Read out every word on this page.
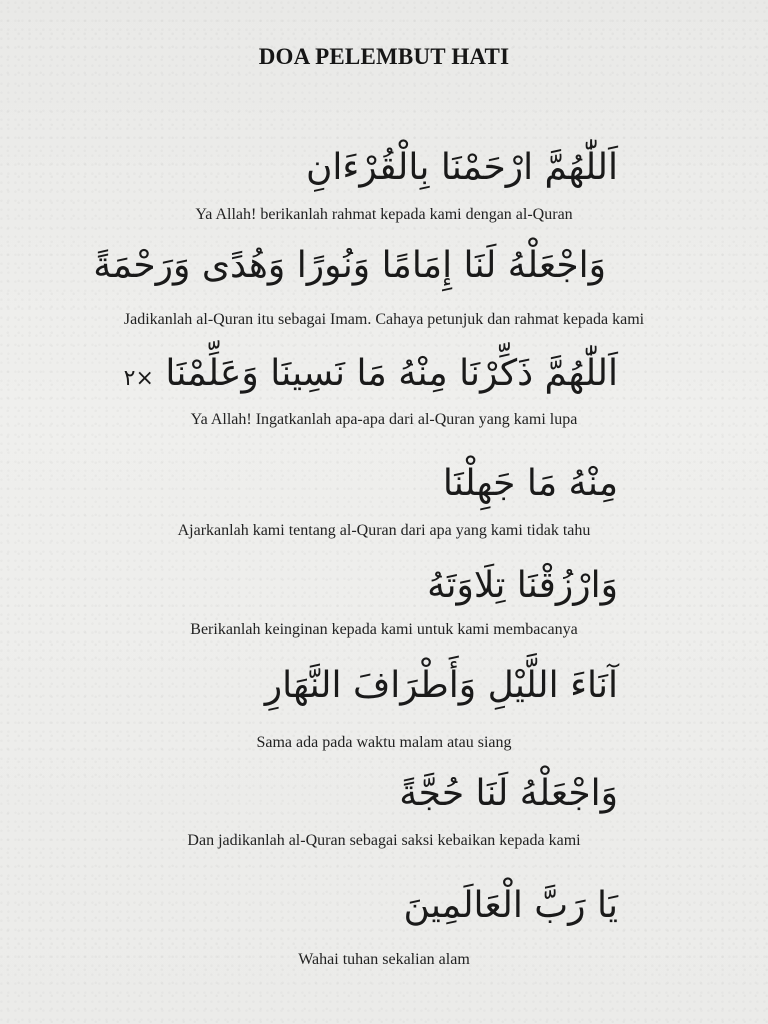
DOA PELEMBUT HATI
اَللّٰهُمَّ ارْحَمْنَا بِالْقُرْءَانِ
Ya Allah! berikanlah rahmat kepada kami dengan al-Quran
وَاجْعَلْهُ لَنَا إِمَامًا وَنُورًا وَهُدًى وَرَحْمَةً
Jadikanlah al-Quran itu sebagai Imam. Cahaya petunjuk dan rahmat kepada kami
اَللّٰهُمَّ ذَكِّرْنَا مِنْهُ مَا نَسِينَا وَعَلِّمْنَا ×٢
Ya Allah! Ingatkanlah apa-apa dari al-Quran yang kami lupa
مِنْهُ مَا جَهِلْنَا
Ajarkanlah kami tentang al-Quran dari apa yang kami tidak tahu
وَارْزُقْنَا تِلَاوَتَهُ
Berikanlah keinginan kepada kami untuk kami membacanya
آنَاءَ اللَّيْلِ وَأَطْرَافَ النَّهَارِ
Sama ada pada waktu malam atau siang
وَاجْعَلْهُ لَنَا حُجَّةً
Dan jadikanlah al-Quran sebagai saksi kebaikan kepada kami
يَا رَبَّ الْعَالَمِينَ
Wahai tuhan sekalian alam
